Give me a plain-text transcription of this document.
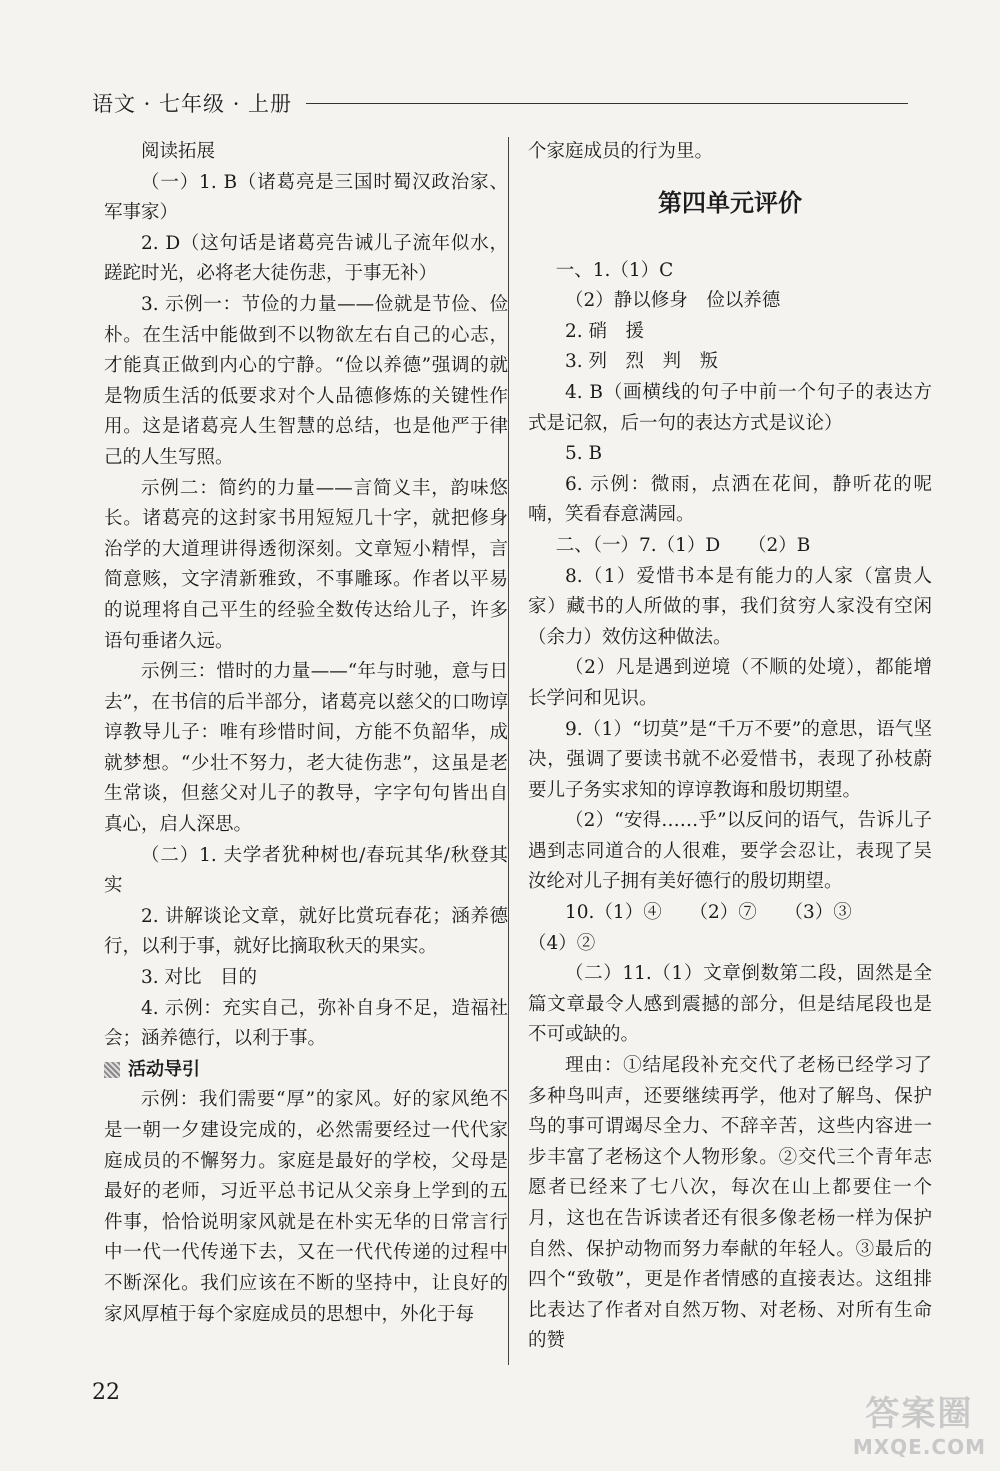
语文 · 七年级 · 上册

阅读拓展

（一）1. B（诸葛亮是三国时蜀汉政治家、军事家）

2. D（这句话是诸葛亮告诫儿子流年似水，蹉跎时光，必将老大徒伤悲，于事无补）

3. 示例一：节俭的力量——俭就是节俭、俭朴。在生活中能做到不以物欲左右自己的心志，才能真正做到内心的宁静。“俭以养德”强调的就是物质生活的低要求对个人品德修炼的关键性作用。这是诸葛亮人生智慧的总结，也是他严于律己的人生写照。

示例二：简约的力量——言简义丰，韵味悠长。诸葛亮的这封家书用短短几十字，就把修身治学的大道理讲得透彻深刻。文章短小精悍，言简意赅，文字清新雅致，不事雕琢。作者以平易的说理将自己平生的经验全数传达给儿子，许多语句垂诸久远。

示例三：惜时的力量——“年与时驰，意与日去”，在书信的后半部分，诸葛亮以慈父的口吻谆谆教导儿子：唯有珍惜时间，方能不负韶华，成就梦想。“少壮不努力，老大徒伤悲”，这虽是老生常谈，但慈父对儿子的教导，字字句句皆出自真心，启人深思。

（二）1. 夫学者犹种树也/春玩其华/秋登其实

2. 讲解谈论文章，就好比赏玩春花；涵养德行，以利于事，就好比摘取秋天的果实。

3. 对比　目的

4. 示例：充实自己，弥补自身不足，造福社会；涵养德行，以利于事。

活动导引

示例：我们需要“厚”的家风。好的家风绝不是一朝一夕建设完成的，必然需要经过一代代家庭成员的不懈努力。家庭是最好的学校，父母是最好的老师，习近平总书记从父亲身上学到的五件事，恰恰说明家风就是在朴实无华的日常言行中一代一代传递下去，又在一代代传递的过程中不断深化。我们应该在不断的坚持中，让良好的家风厚植于每个家庭成员的思想中，外化于每

个家庭成员的行为里。

第四单元评价

一、1.（1）C

（2）静以修身　俭以养德

2. 硝　援

3. 列　烈　判　叛

4. B（画横线的句子中前一个句子的表达方式是记叙，后一句的表达方式是议论）

5. B

6. 示例：微雨，点洒在花间，静听花的呢喃，笑看春意满园。

二、（一）7.（1）D　　（2）B

8.（1）爱惜书本是有能力的人家（富贵人家）藏书的人所做的事，我们贫穷人家没有空闲（余力）效仿这种做法。

（2）凡是遇到逆境（不顺的处境），都能增长学问和见识。

9.（1）“切莫”是“千万不要”的意思，语气坚决，强调了要读书就不必爱惜书，表现了孙枝蔚要儿子务实求知的谆谆教诲和殷切期望。

（2）“安得……乎”以反问的语气，告诉儿子遇到志同道合的人很难，要学会忍让，表现了吴汝纶对儿子拥有美好德行的殷切期望。

10.（1）④　　（2）⑦　　（3）③

（4）②

（二）11.（1）文章倒数第二段，固然是全篇文章最令人感到震撼的部分，但是结尾段也是不可或缺的。

理由：①结尾段补充交代了老杨已经学习了多种鸟叫声，还要继续再学，他对了解鸟、保护鸟的事可谓竭尽全力、不辞辛苦，这些内容进一步丰富了老杨这个人物形象。②交代三个青年志愿者已经来了七八次，每次在山上都要住一个月，这也在告诉读者还有很多像老杨一样为保护自然、保护动物而努力奉献的年轻人。③最后的四个“致敬”，更是作者情感的直接表达。这组排比表达了作者对自然万物、对老杨、对所有生命的赞

22
答案圈
MXQE.COM
